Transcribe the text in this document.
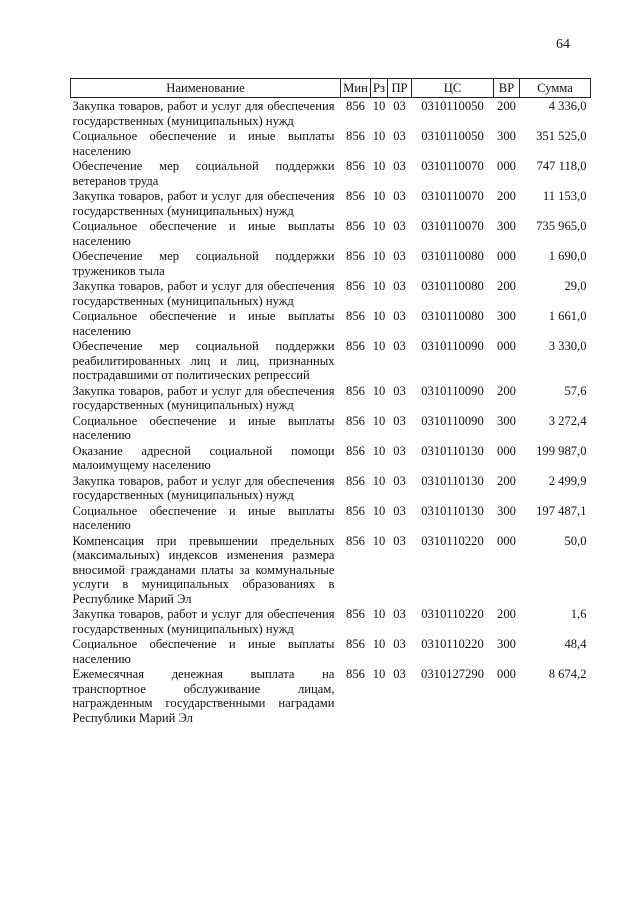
64
Наименование	Мин	Рз	ПР	ЦС	ВР	Сумма
Закупка товаров, работ и услуг для обеспечения государственных (муниципальных) нужд	856	10	03	0310110050	200	4 336,0
Социальное обеспечение и иные выплаты населению	856	10	03	0310110050	300	351 525,0
Обеспечение мер социальной поддержки ветеранов труда	856	10	03	0310110070	000	747 118,0
Закупка товаров, работ и услуг для обеспечения государственных (муниципальных) нужд	856	10	03	0310110070	200	11 153,0
Социальное обеспечение и иные выплаты населению	856	10	03	0310110070	300	735 965,0
Обеспечение мер социальной поддержки тружеников тыла	856	10	03	0310110080	000	1 690,0
Закупка товаров, работ и услуг для обеспечения государственных (муниципальных) нужд	856	10	03	0310110080	200	29,0
Социальное обеспечение и иные выплаты населению	856	10	03	0310110080	300	1 661,0
Обеспечение мер социальной поддержки реабилитированных лиц и лиц, признанных пострадавшими от политических репрессий	856	10	03	0310110090	000	3 330,0
Закупка товаров, работ и услуг для обеспечения государственных (муниципальных) нужд	856	10	03	0310110090	200	57,6
Социальное обеспечение и иные выплаты населению	856	10	03	0310110090	300	3 272,4
Оказание адресной социальной помощи малоимущему населению	856	10	03	0310110130	000	199 987,0
Закупка товаров, работ и услуг для обеспечения государственных (муниципальных) нужд	856	10	03	0310110130	200	2 499,9
Социальное обеспечение и иные выплаты населению	856	10	03	0310110130	300	197 487,1
Компенсация при превышении предельных (максимальных) индексов изменения размера вносимой гражданами платы за коммунальные услуги в муниципальных образованиях в Республике Марий Эл	856	10	03	0310110220	000	50,0
Закупка товаров, работ и услуг для обеспечения государственных (муниципальных) нужд	856	10	03	0310110220	200	1,6
Социальное обеспечение и иные выплаты населению	856	10	03	0310110220	300	48,4
Ежемесячная денежная выплата на транспортное обслуживание лицам, награжденным государственными наградами Республики Марий Эл	856	10	03	0310127290	000	8 674,2
